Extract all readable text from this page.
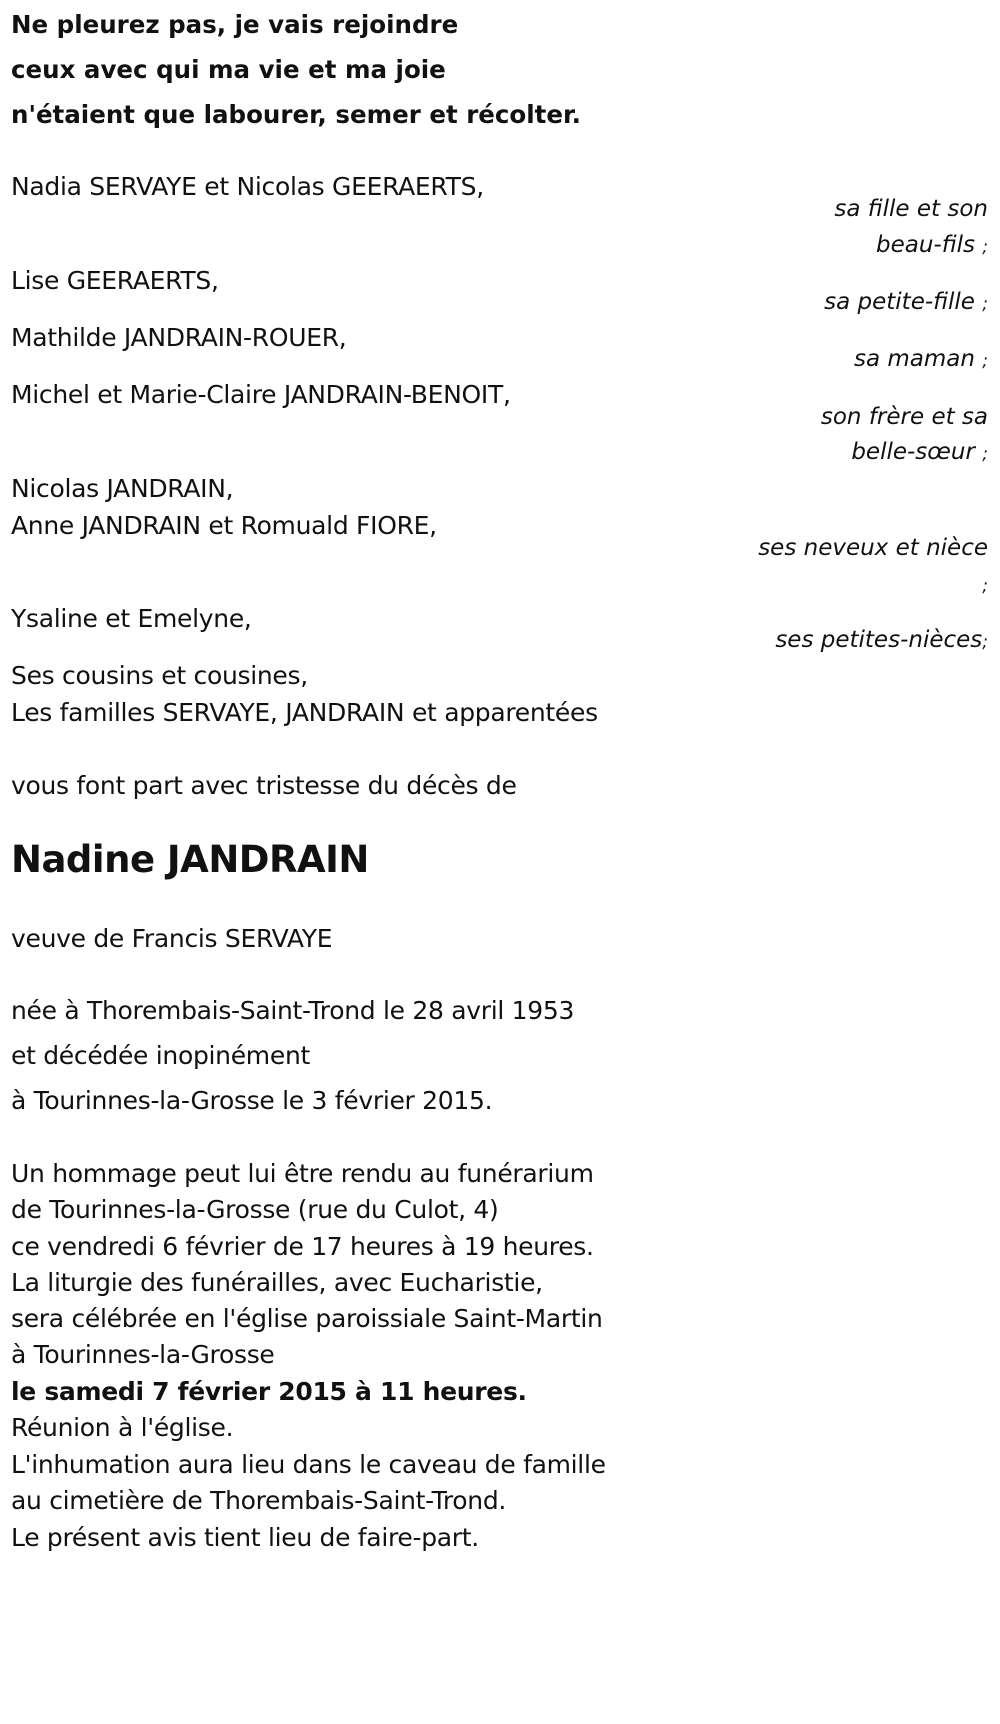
Ne pleurez pas, je vais rejoindre
ceux avec qui ma vie et ma joie
n'étaient que labourer, semer et récolter.
Nadia SERVAYE et Nicolas GEERAERTS,
sa fille et son
beau-fils ;
Lise GEERAERTS,
sa petite-fille ;
Mathilde JANDRAIN-ROUER,
sa maman ;
Michel et Marie-Claire JANDRAIN-BENOIT,
son frère et sa
belle-sœur ;
Nicolas JANDRAIN,
Anne JANDRAIN et Romuald FIORE,
ses neveux et nièce
;
Ysaline et Emelyne,
ses petites-nièces;
Ses cousins et cousines,
Les familles SERVAYE, JANDRAIN et apparentées
vous font part avec tristesse du décès de
Nadine JANDRAIN
veuve de Francis SERVAYE
née à Thorembais-Saint-Trond le 28 avril 1953
et décédée inopinément
à Tourinnes-la-Grosse le 3 février 2015.
Un hommage peut lui être rendu au funérarium
de Tourinnes-la-Grosse (rue du Culot, 4)
ce vendredi 6 février de 17 heures à 19 heures.
La liturgie des funérailles, avec Eucharistie,
sera célébrée en l'église paroissiale Saint-Martin
à Tourinnes-la-Grosse
le samedi 7 février 2015 à 11 heures.
Réunion à l'église.
L'inhumation aura lieu dans le caveau de famille
au cimetière de Thorembais-Saint-Trond.
Le présent avis tient lieu de faire-part.
